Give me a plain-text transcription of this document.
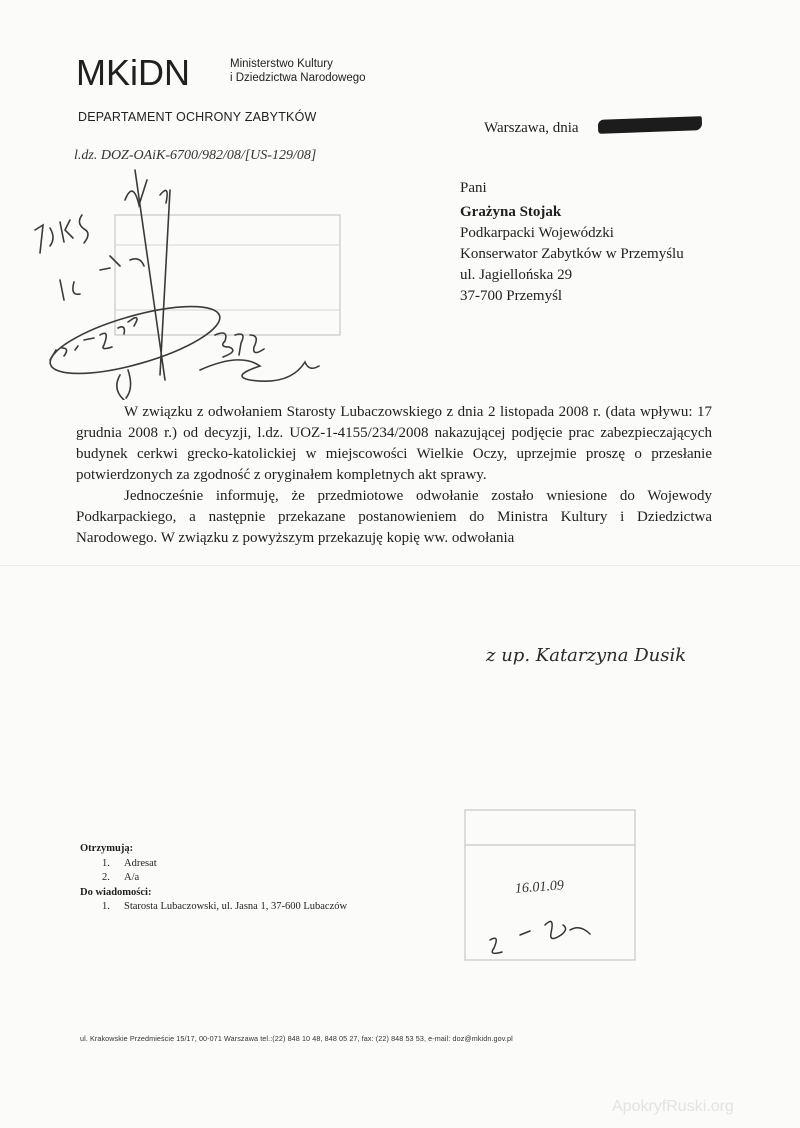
MKiDN	Ministerstwo Kultury
i Dziedzictwa Narodowego
DEPARTAMENT OCHRONY ZABYTKÓW
l.dz. DOZ-OAiK-6700/982/08/[US-129/08]
Warszawa, dnia
Pani
Grażyna Stojak
Podkarpacki Wojewódzki
Konserwator Zabytków w Przemyślu
ul. Jagiellońska 29
37-700 Przemyśl

W związku z odwołaniem Starosty Lubaczowskiego z dnia 2 listopada 2008 r. (data wpływu: 17 grudnia 2008 r.) od decyzji, l.dz. UOZ-1-4155/234/2008 nakazującej podjęcie prac zabezpieczających budynek cerkwi grecko-katolickiej w miejscowości Wielkie Oczy, uprzejmie proszę o przesłanie potwierdzonych za zgodność z oryginałem kompletnych akt sprawy.

Jednocześnie informuję, że przedmiotowe odwołanie zostało wniesione do Wojewody Podkarpackiego, a następnie przekazane postanowieniem do Ministra Kultury i Dziedzictwa Narodowego. W związku z powyższym przekazuję kopię ww. odwołania

z up. Katarzyna Dusik
16.01.09
Otrzymują:
1. Adresat
2. A/a
Do wiadomości:
1. Starosta Lubaczowski, ul. Jasna 1, 37-600 Lubaczów
ul. Krakowskie Przedmieście 15/17, 00-071 Warszawa tel.:(22) 848 10 48, 848 05 27, fax: (22) 848 53 53, e-mail: doz@mkidn.gov.pl
ApokryfRuski.org
